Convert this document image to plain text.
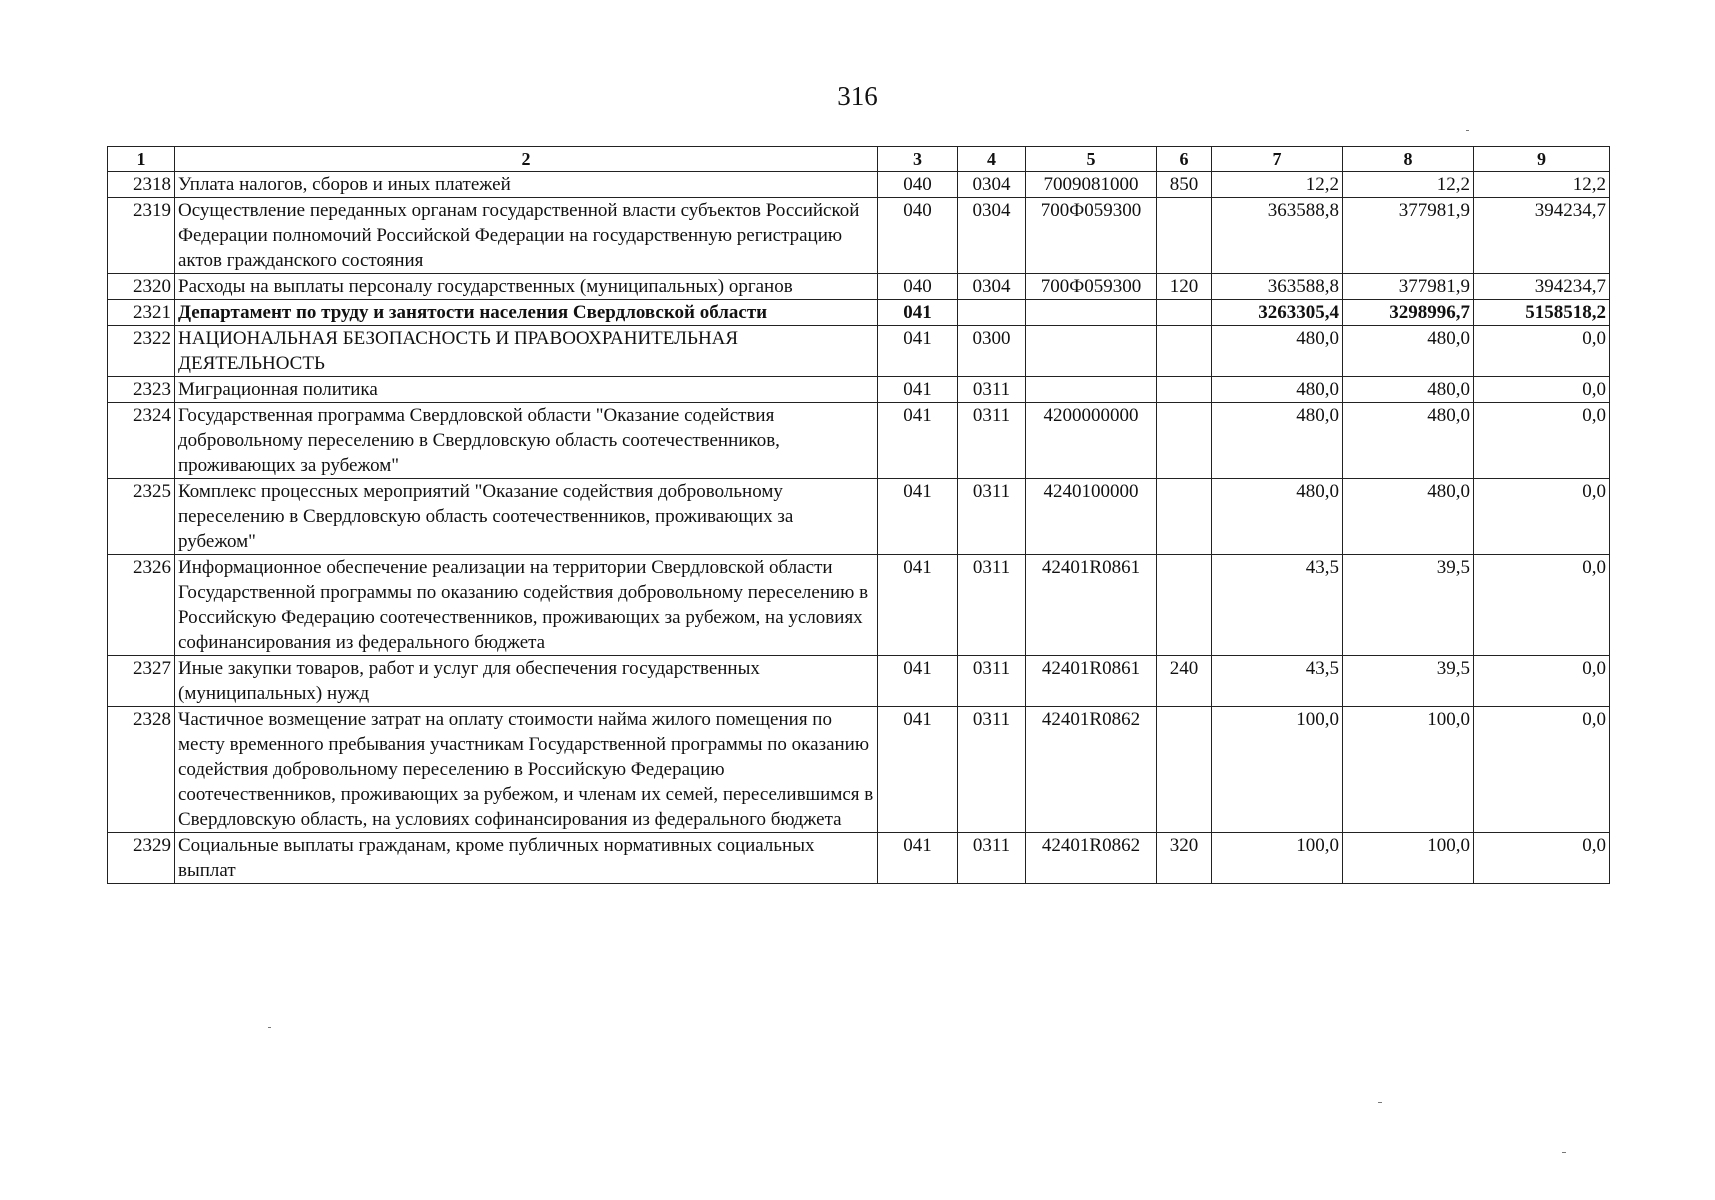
316
1	2	3	4	5	6	7	8	9
2318	Уплата налогов, сборов и иных платежей	040	0304	7009081000	850	12,2	12,2	12,2
2319	Осуществление переданных органам государственной власти субъектов Российской Федерации полномочий Российской Федерации на государственную регистрацию актов гражданского состояния	040	0304	700Ф059300		363588,8	377981,9	394234,7
2320	Расходы на выплаты персоналу государственных (муниципальных) органов	040	0304	700Ф059300	120	363588,8	377981,9	394234,7
2321	Департамент по труду и занятости населения Свердловской области	041				3263305,4	3298996,7	5158518,2
2322	НАЦИОНАЛЬНАЯ БЕЗОПАСНОСТЬ И ПРАВООХРАНИТЕЛЬНАЯ ДЕЯТЕЛЬНОСТЬ	041	0300			480,0	480,0	0,0
2323	Миграционная политика	041	0311			480,0	480,0	0,0
2324	Государственная программа Свердловской области "Оказание содействия добровольному переселению в Свердловскую область соотечественников, проживающих за рубежом"	041	0311	4200000000		480,0	480,0	0,0
2325	Комплекс процессных мероприятий "Оказание содействия добровольному переселению в Свердловскую область соотечественников, проживающих за рубежом"	041	0311	4240100000		480,0	480,0	0,0
2326	Информационное обеспечение реализации на территории Свердловской области Государственной программы по оказанию содействия добровольному переселению в Российскую Федерацию соотечественников, проживающих за рубежом, на условиях софинансирования из федерального бюджета	041	0311	42401R0861		43,5	39,5	0,0
2327	Иные закупки товаров, работ и услуг для обеспечения государственных (муниципальных) нужд	041	0311	42401R0861	240	43,5	39,5	0,0
2328	Частичное возмещение затрат на оплату стоимости найма жилого помещения по месту временного пребывания участникам Государственной программы по оказанию содействия добровольному переселению в Российскую Федерацию соотечественников, проживающих за рубежом, и членам их семей, переселившимся в Свердловскую область, на условиях софинансирования из федерального бюджета	041	0311	42401R0862		100,0	100,0	0,0
2329	Социальные выплаты гражданам, кроме публичных нормативных социальных выплат	041	0311	42401R0862	320	100,0	100,0	0,0
